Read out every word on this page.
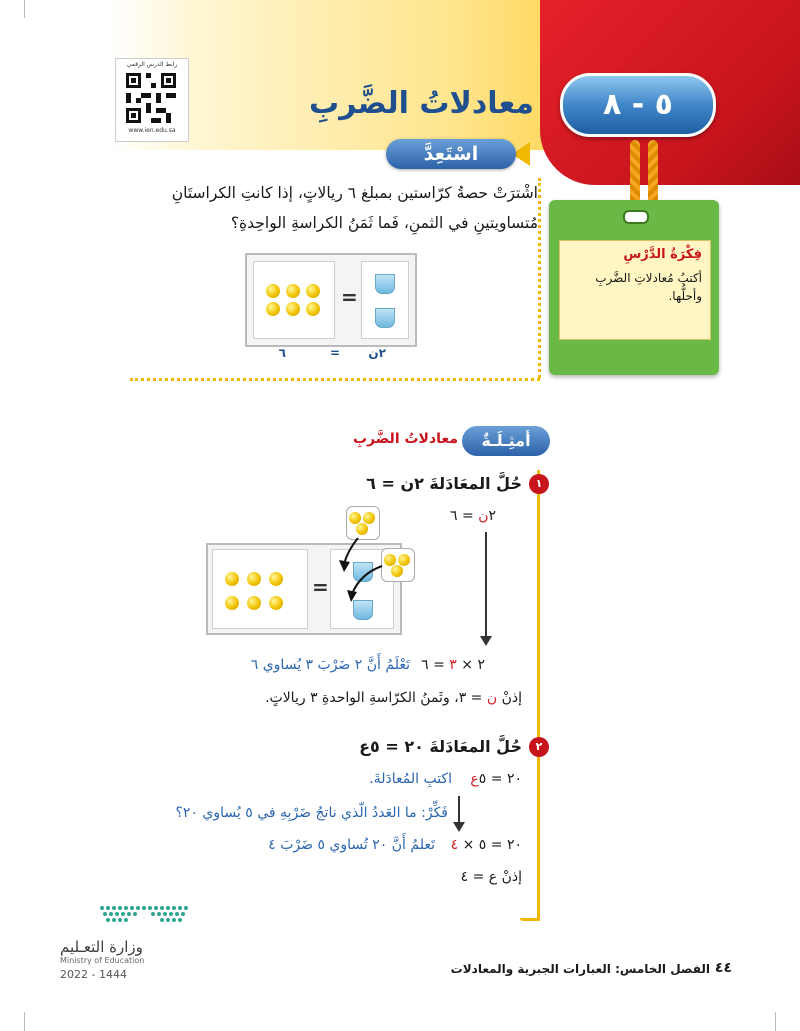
٥ - ٨
معادلاتُ الضَّربِ
رابط الدرس الرقمي
www.ien.edu.sa
اسْتَعِدَّ
اشْترَتْ حصةُ كرّاستين بمبلغ ٦ ريالاتٍ، إذا كانتِ الكراستَانِ مُتساويتينِ في الثمنِ، فَما ثَمَنُ الكراسةِ الواحِدةِ؟
=
٢ن
=
٦
فِكْرَةُ الدَّرْسِ
أكتبُ مُعادلاتِ الضَّربِ وأحلُّها.
أمثِـلَـةٌ
معادلاتُ الضَّربِ
١
حُلَّ المعَادَلةَ ٢ن = ٦
٢ن = ٦
=
٢ × ٣ = ٦
تَعْلَمُ أَنَّ ٢ ضَرْبَ ٣ يُساوي ٦
إذنْ ن = ٣، وثَمنُ الكرّاسةِ الواحدةِ ٣ ريالاتٍ.
٢
حُلَّ المعَادَلةَ ٢٠ = ٥ع
٢٠ = ٥ع اكتبِ المُعادَلةَ.
فَكِّرْ: ما العَددُ الّذي ناتجُ ضَرْبِهِ في ٥ يُساوي ٢٠؟
٢٠ = ٥ × ٤
تَعلمُ أَنَّ ٢٠ تُساوي ٥ ضَرْبَ ٤
إذنْ ع = ٤
وزارة التعـليم
Ministry of Education
2022 - 1444	الفصل الخامس: العبارات الجبرية والمعادلات	٤٤
